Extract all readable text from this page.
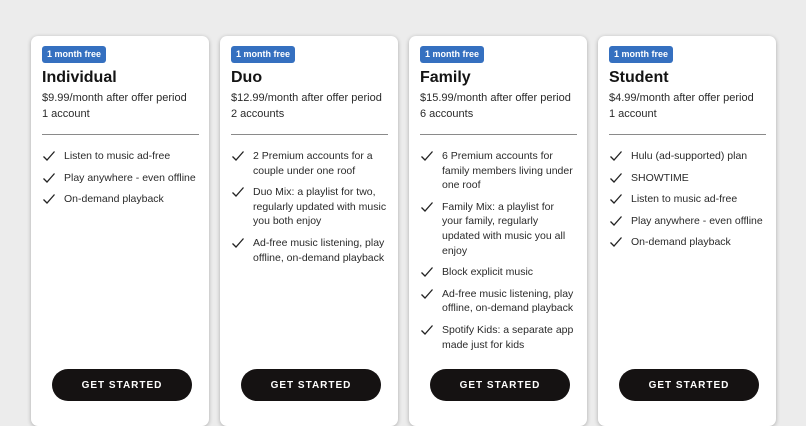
1 month free
Individual
$9.99/month after offer period
1 account
Listen to music ad-free
Play anywhere - even offline
On-demand playback
GET STARTED
1 month free
Duo
$12.99/month after offer period
2 accounts
2 Premium accounts for a couple under one roof
Duo Mix: a playlist for two, regularly updated with music you both enjoy
Ad-free music listening, play offline, on-demand playback
GET STARTED
1 month free
Family
$15.99/month after offer period
6 accounts
6 Premium accounts for family members living under one roof
Family Mix: a playlist for your family, regularly updated with music you all enjoy
Block explicit music
Ad-free music listening, play offline, on-demand playback
Spotify Kids: a separate app made just for kids
GET STARTED
1 month free
Student
$4.99/month after offer period
1 account
Hulu (ad-supported) plan
SHOWTIME
Listen to music ad-free
Play anywhere - even offline
On-demand playback
GET STARTED
